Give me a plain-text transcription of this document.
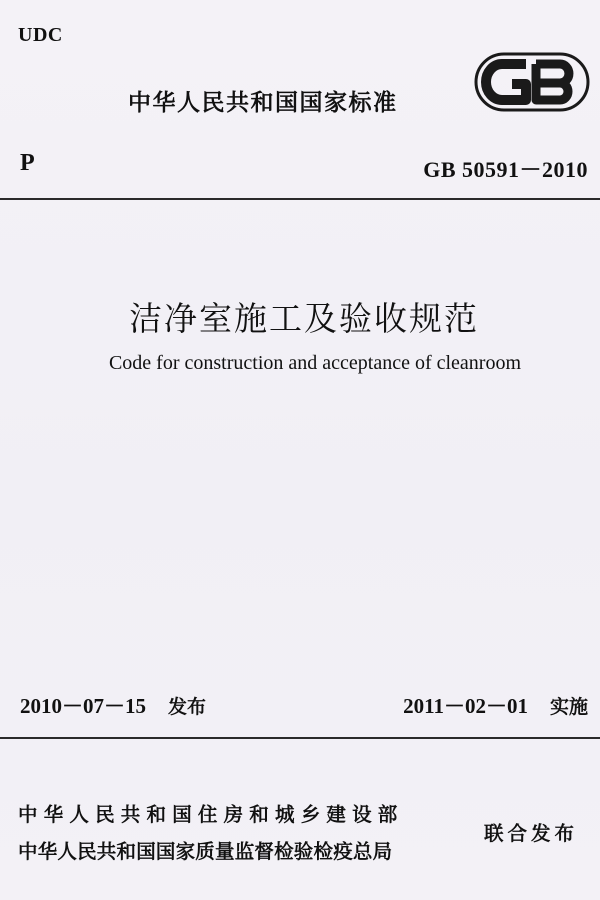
UDC
中华人民共和国国家标准
P	GB 50591－2010
洁净室施工及验收规范
Code for construction and acceptance of cleanroom
2010－07－15 发布	2011－02－01 实施
中华人民共和国住房和城乡建设部
中华人民共和国国家质量监督检验检疫总局
联合发布
